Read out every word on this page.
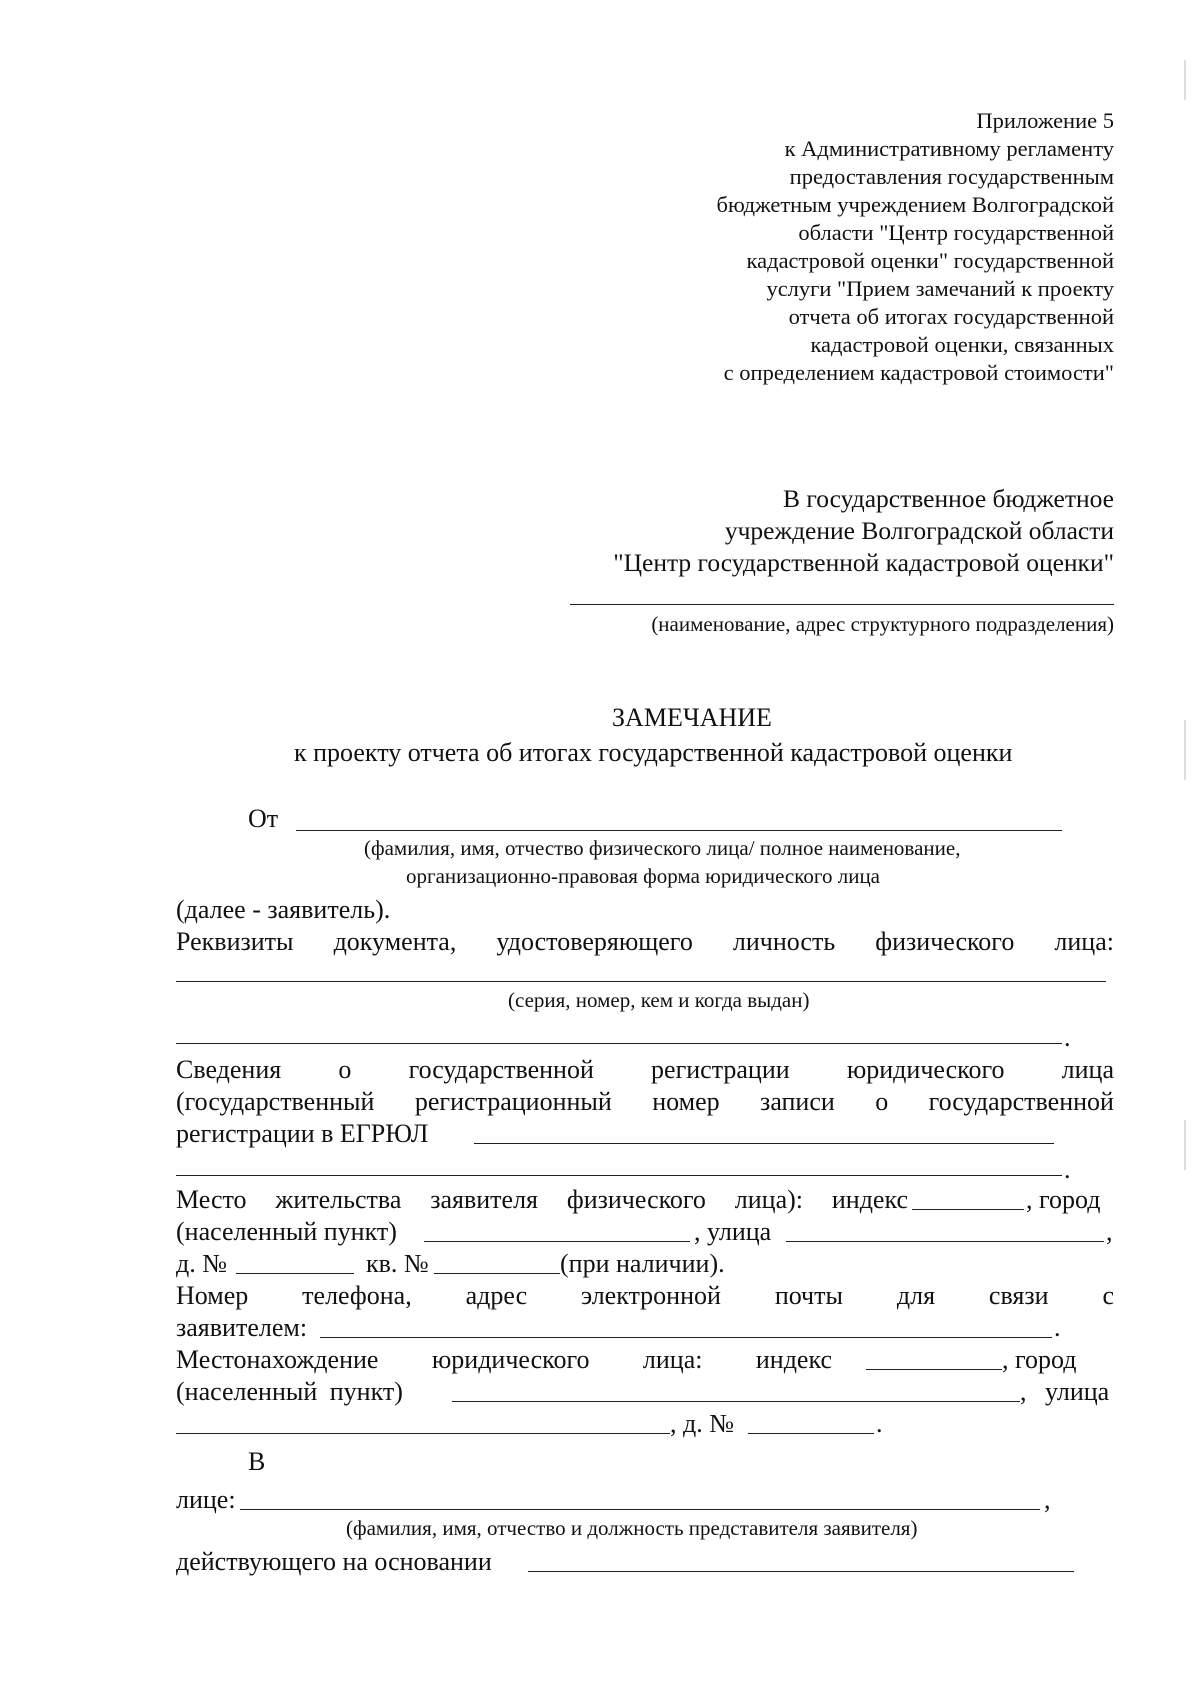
Приложение 5
к Административному регламенту
предоставления государственным
бюджетным учреждением Волгоградской
области "Центр государственной
кадастровой оценки" государственной
услуги "Прием замечаний к проекту
отчета об итогах государственной
кадастровой оценки, связанных
с определением кадастровой стоимости"
В государственное бюджетное
учреждение Волгоградской области
"Центр государственной кадастровой оценки"
(наименование, адрес структурного подразделения)
ЗАМЕЧАНИЕ
к проекту отчета об итогах государственной кадастровой оценки
От
(фамилия, имя, отчество физического лица/ полное наименование,
организационно-правовая форма юридического лица
(далее - заявитель).
Реквизиты документа, удостоверяющего личность физического лица:
(серия, номер, кем и когда выдан)
.
Сведения о государственной регистрации юридического лица
(государственный регистрационный номер записи о государственной
регистрации в ЕГРЮЛ
.
Место жительства заявителя физического лица): индекс	, город
(населенный пункт)	, улица	,
д. №	кв. №	(при наличии).
Номер телефона, адрес электронной почты для связи с
заявителем:	.
Местонахождение юридического лица: индекс	, город
(населенный пункт)	, улица
, д. №	.
В
лице:	,
(фамилия, имя, отчество и должность представителя заявителя)
действующего на основании
